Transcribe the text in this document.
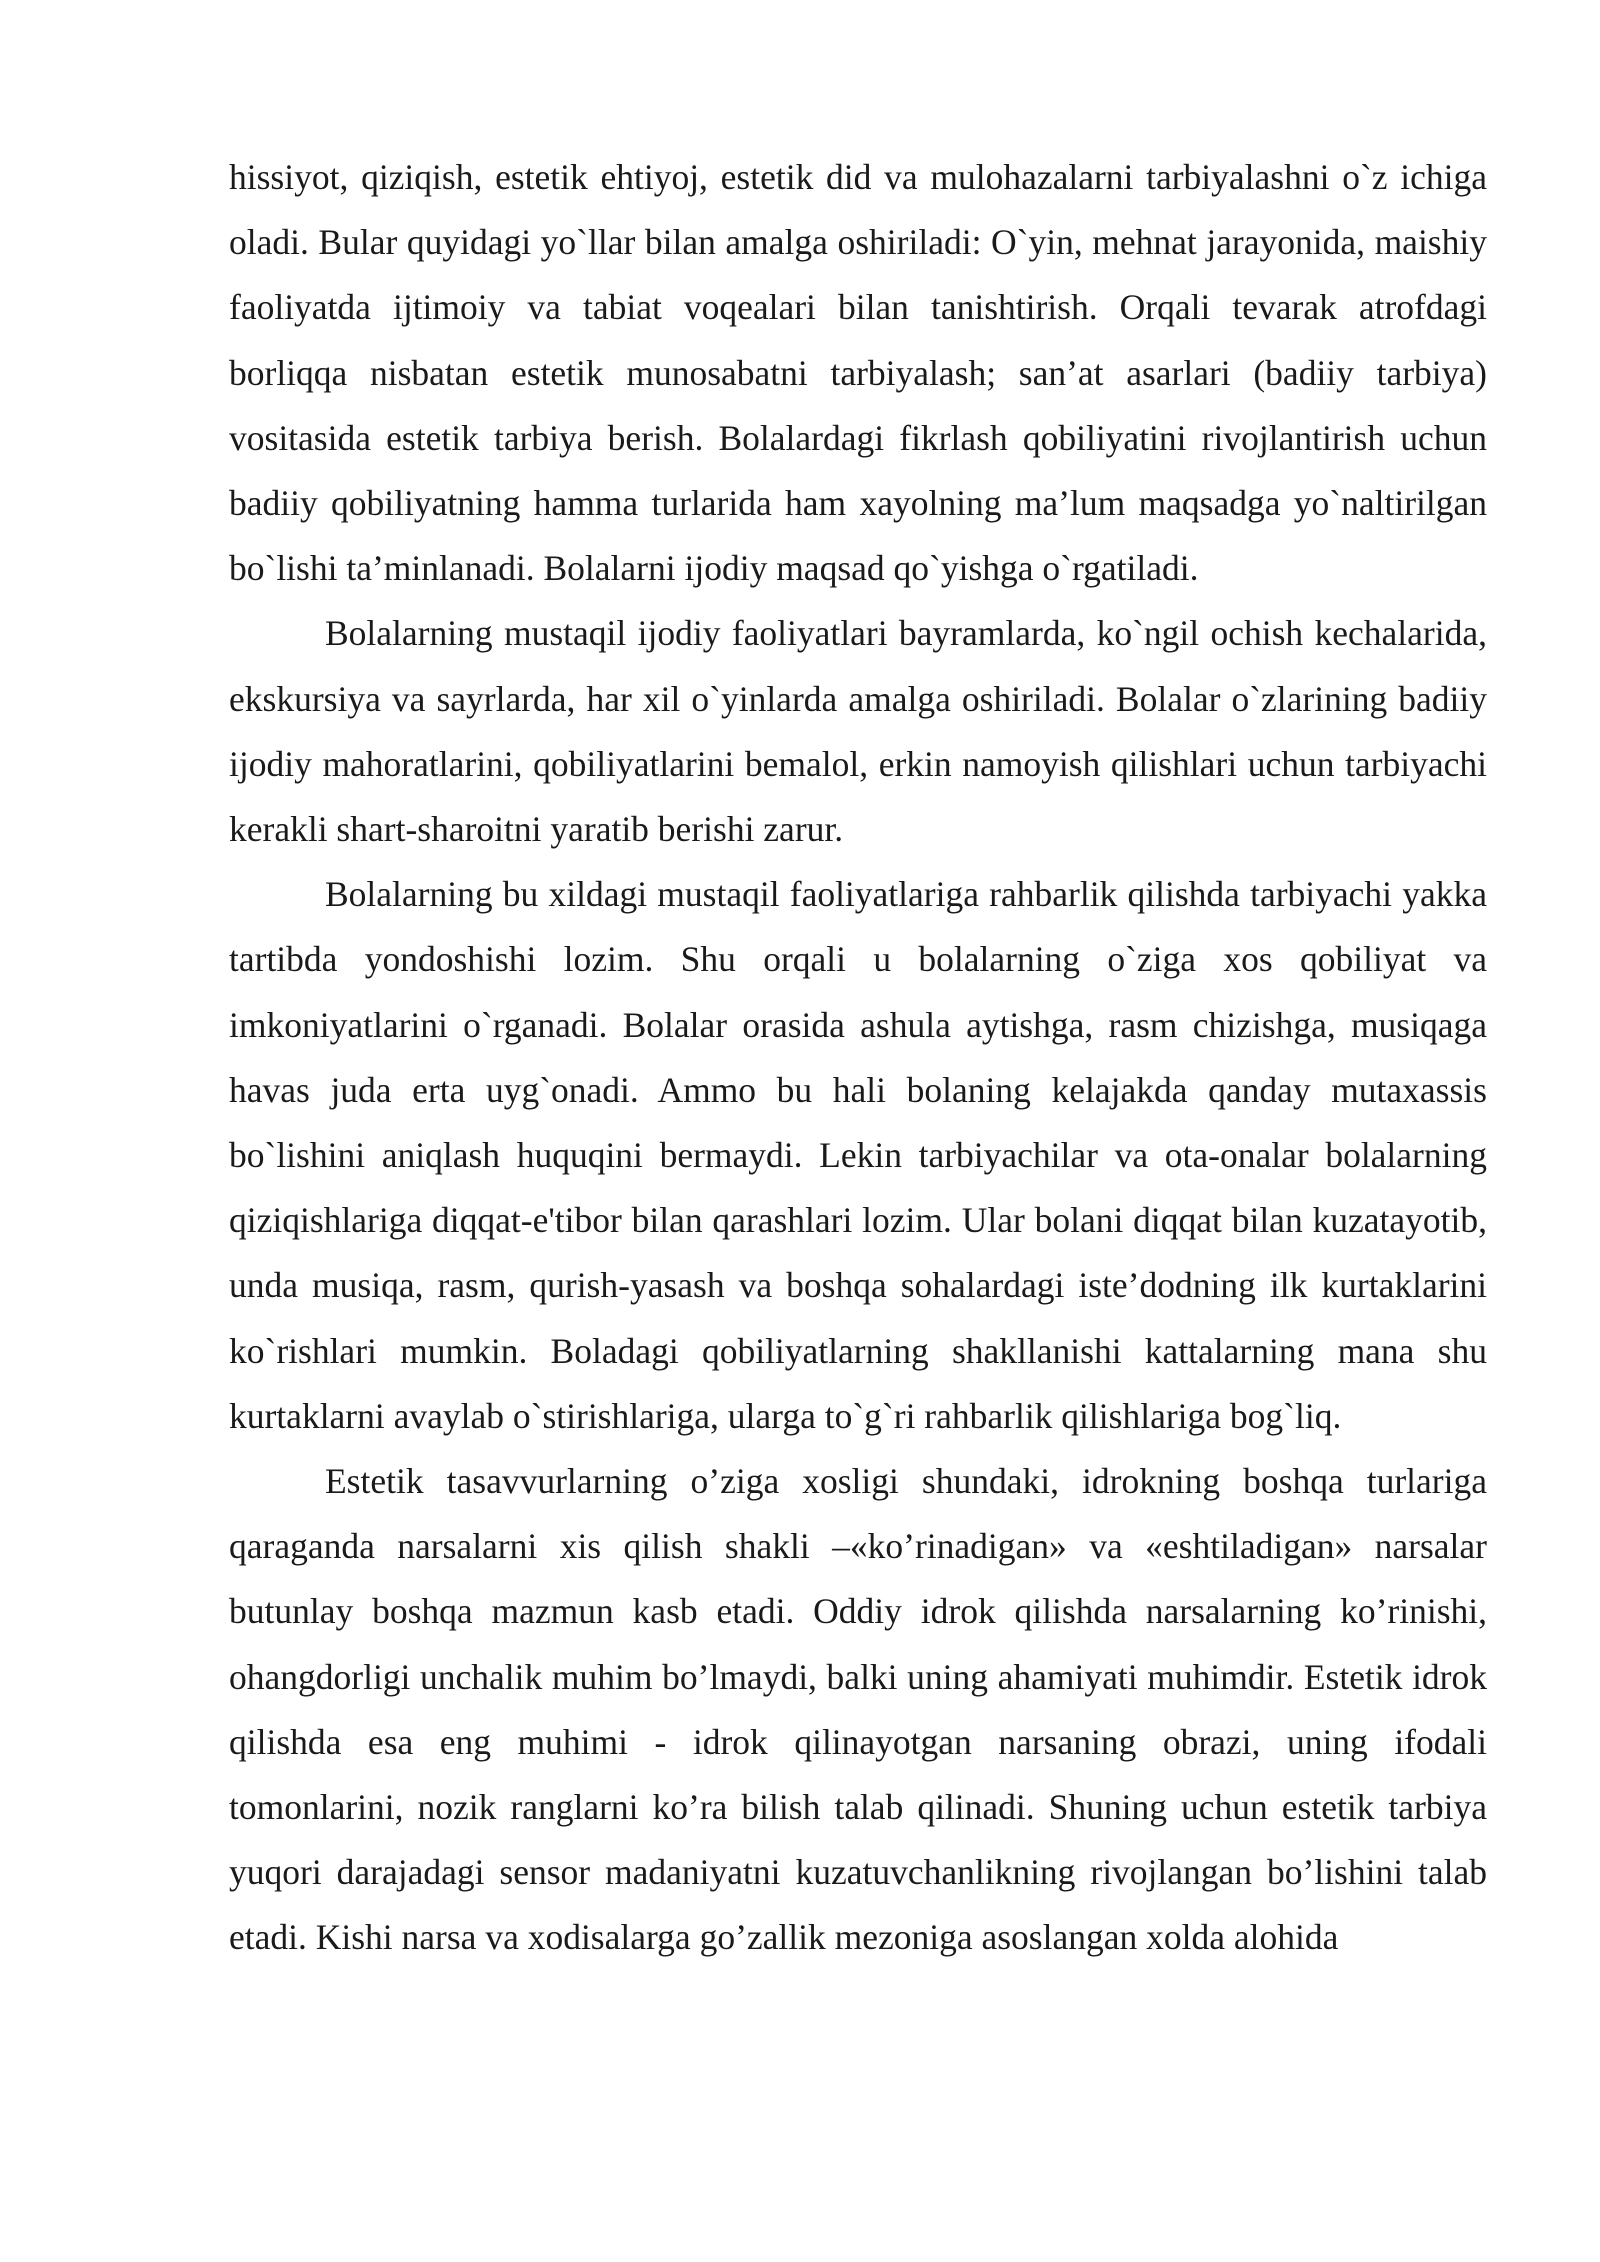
hissiyot, qiziqish, estetik ehtiyoj, estetik did va mulohazalarni tarbiyalashni o`z ichiga oladi. Bular quyidagi yo`llar bilan amalga oshiriladi: O`yin, mehnat jarayonida, maishiy faoliyatda ijtimoiy va tabiat voqealari bilan tanishtirish. Orqali tevarak atrofdagi borliqqa nisbatan estetik munosabatni tarbiyalash; san’at asarlari (badiiy tarbiya) vositasida estetik tarbiya berish. Bolalardagi fikrlash qobiliyatini rivojlantirish uchun badiiy qobiliyatning hamma turlarida ham xayolning ma’lum maqsadga yo`naltirilgan bo`lishi ta’minlanadi. Bolalarni ijodiy maqsad qo`yishga o`rgatiladi.

Bolalarning mustaqil ijodiy faoliyatlari bayramlarda, ko`ngil ochish kechalarida, ekskursiya va sayrlarda, har xil o`yinlarda amalga oshiriladi. Bolalar o`zlarining badiiy ijodiy mahoratlarini, qobiliyatlarini bemalol, erkin namoyish qilishlari uchun tarbiyachi kerakli shart-sharoitni yaratib berishi zarur.

Bolalarning bu xildagi mustaqil faoliyatlariga rahbarlik qilishda tarbiyachi yakka tartibda yondoshishi lozim. Shu orqali u bolalarning o`ziga xos qobiliyat va imkoniyatlarini o`rganadi. Bolalar orasida ashula aytishga, rasm chizishga, musiqaga havas juda erta uyg`onadi. Ammo bu hali bolaning kelajakda qanday mutaxassis bo`lishini aniqlash huquqini bermaydi. Lekin tarbiyachilar va ota-onalar bolalarning qiziqishlariga diqqat-e'tibor bilan qarashlari lozim. Ular bolani diqqat bilan kuzatayotib, unda musiqa, rasm, qurish-yasash va boshqa sohalardagi iste’dodning ilk kurtaklarini ko`rishlari mumkin. Boladagi qobiliyatlarning shakllanishi kattalarning mana shu kurtaklarni avaylab o`stirishlariga, ularga to`g`ri rahbarlik qilishlariga bog`liq.

Estetik tasavvurlarning o’ziga xosligi shundaki, idrokning boshqa turlariga qaraganda narsalarni xis qilish shakli –«ko’rinadigan» va «eshtiladigan» narsalar butunlay boshqa mazmun kasb etadi. Oddiy idrok qilishda narsalarning ko’rinishi, ohangdorligi unchalik muhim bo’lmaydi, balki uning ahamiyati muhimdir. Estetik idrok qilishda esa eng muhimi - idrok qilinayotgan narsaning obrazi, uning ifodali tomonlarini, nozik ranglarni ko’ra bilish talab qilinadi. Shuning uchun estetik tarbiya yuqori darajadagi sensor madaniyatni kuzatuvchanlikning rivojlangan bo’lishini talab etadi. Kishi narsa va xodisalarga go’zallik mezoniga asoslangan xolda alohida
